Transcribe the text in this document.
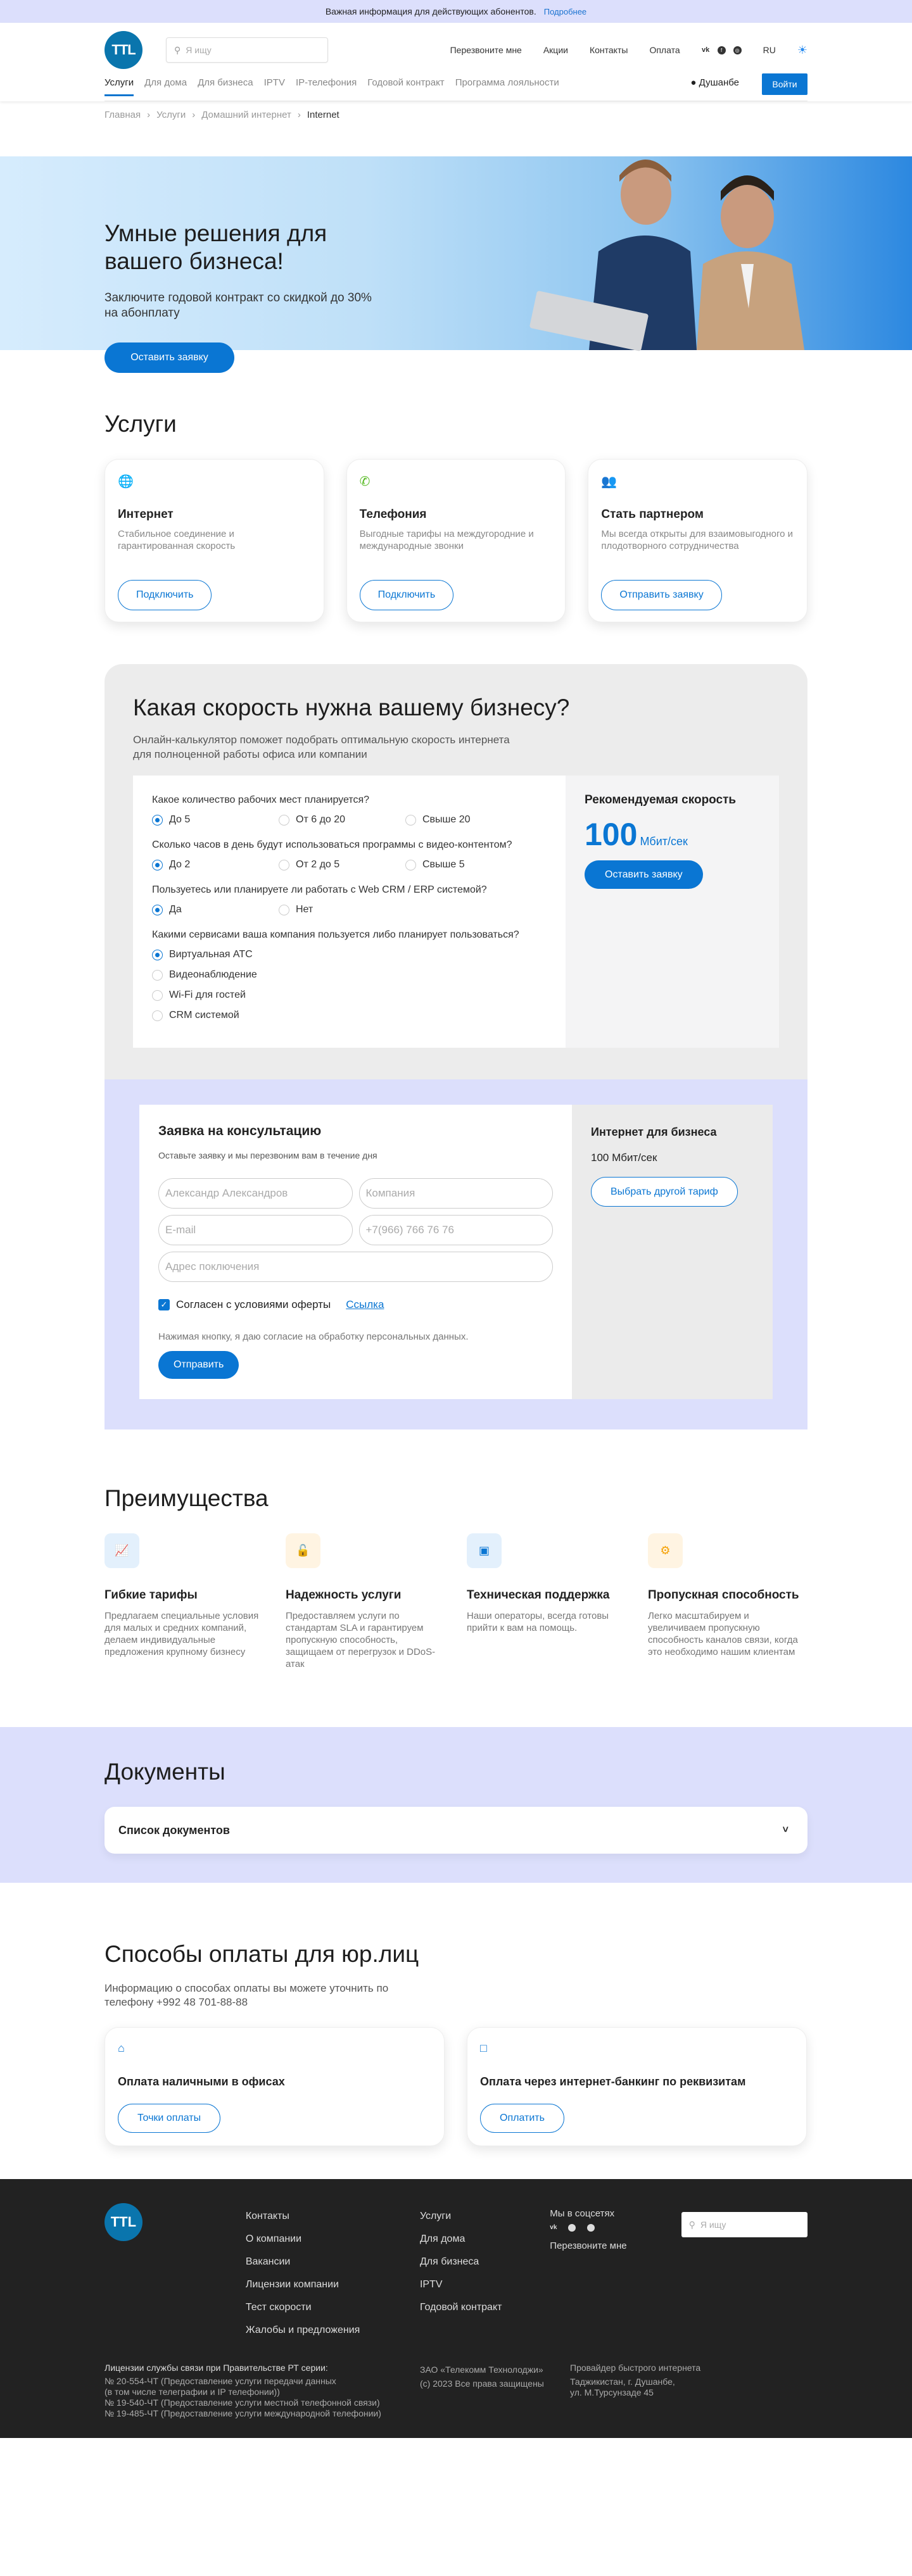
Важная информация для действующих абонентов. Подробнее
TTL	⚲ Я ищу	Перезвоните мне Акции Контакты Оплата	vk	f	◎	RU ☀
Услуги Для дома Для бизнеса IPTV IP-телефония Годовой контракт Программа лояльности	● Душанбе	Войти
Главная › Услуги › Домашний интернет › Internet
Умные решения для вашего бизнеса!

Заключите годовой контракт со скидкой до 30% на абонплату

Оставить заявку
Услуги
🌐
Интернет

Стабильное соединение и гарантированная скорость

Подключить
✆
Телефония

Выгодные тарифы на междугородние и международные звонки

Подключить
👥
Стать партнером

Мы всегда открыты для взаимовыгодного и плодотворного сотрудничества

Отправить заявку
Какая скорость нужна вашему бизнесу?

Онлайн-калькулятор поможет подобрать оптимальную скорость интернета для полноценной работы офиса или компании

Какое количество рабочих мест планируется?
До 5	От 6 до 20	Свыше 20
Сколько часов в день будут использоваться программы с видео-контентом?
До 2	От 2 до 5	Свыше 5
Пользуетесь или планируете ли работать с Web CRM / ERP системой?
Да	Нет
Какими сервисами ваша компания пользуется либо планирует пользоваться?
Виртуальная АТС
Видеонаблюдение
Wi-Fi для гостей
CRM системой
Рекомендуемая скорость
100 Мбит/сек
Оставить заявку
Заявка на консультацию

Оставьте заявку и мы перезвоним вам в течение дня

Александр Александров	Компания
E-mail	+7(966) 766 76 76
Адрес поключения
✓ Согласен с условиями оферты Ссылка

Нажимая кнопку, я даю согласие на обработку персональных данных.

Отправить
Интернет для бизнеса

100 Мбит/сек

Выбрать другой тариф
Преимущества
📈
Гибкие тарифы

Предлагаем специальные условия для малых и средних компаний, делаем индивидуальные предложения крупному бизнесу

🔓
Надежность услуги

Предоставляем услуги по стандартам SLA и гарантируем пропускную способность, защищаем от перегрузок и DDoS-атак

▣
Техническая поддержка

Наши операторы, всегда готовы прийти к вам на помощь.

⚙
Пропускная способность

Легко масштабируем и увеличиваем пропускную способность каналов связи, когда это необходимо нашим клиентам

Документы
Список документов	˅
Способы оплаты для юр.лиц

Информацию о способах оплаты вы можете уточнить по телефону +992 48 701-88-88

⌂
Оплата наличными в офисах
Точки оплаты
□
Оплата через интернет-банкинг по реквизитам
Оплатить
TTL	Контакты
О компании
Вакансии
Лицензии компании
Тест скорости
Жалобы и предложения
Услуги
Для дома
Для бизнеса
IPTV
Годовой контракт
Мы в соцсетях
vk
Перезвоните мне
⚲ Я ищу
Лицензии службы связи при Правительстве РТ серии:
№ 20-554-ЧТ (Предоставление услуги передачи данных
(в том числе телеграфии и IP телефонии))
№ 19-540-ЧТ (Предоставление услуги местной телефонной связи)
№ 19-485-ЧТ (Предоставление услуги международной телефонии)
ЗАО «Телекомм Технолоджи»
(c) 2023 Все права защищены
Провайдер быстрого интернета
Таджикистан, г. Душанбе,
ул. М.Турсунзаде 45
